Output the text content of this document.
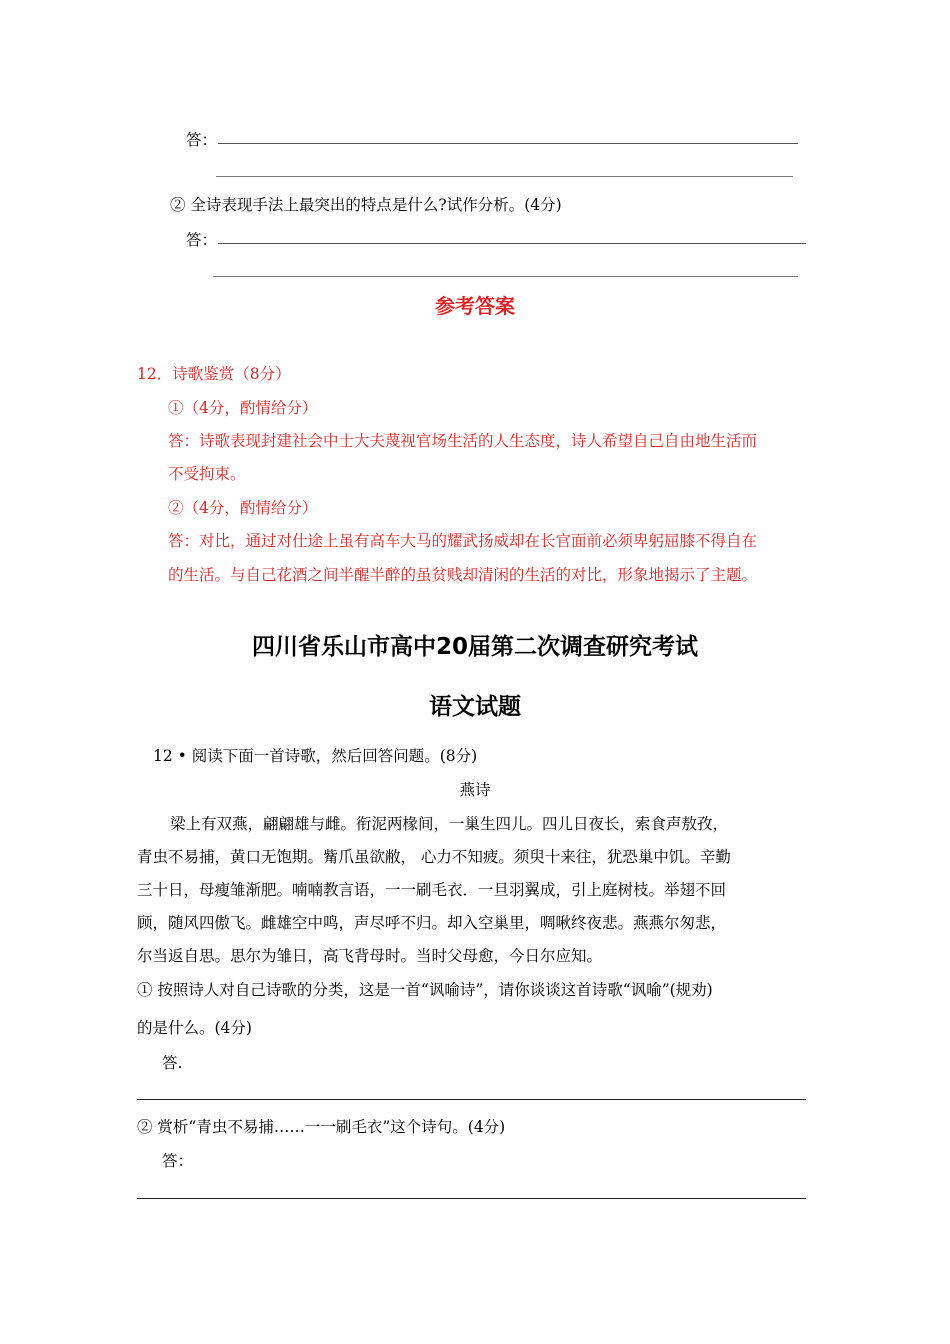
答：
② 全诗表现手法上最突出的特点是什么?试作分析。(4分)
答：
参考答案
12．诗歌鉴赏（8分）
①（4分，酌情给分）
答：诗歌表现封建社会中士大夫蔑视官场生活的人生态度，诗人希望自己自由地生活而
不受拘束。
②（4分，酌情给分）
答：对比，通过对仕途上虽有高车大马的耀武扬威却在长官面前必须卑躬屈膝不得自在
的生活。与自己花酒之间半醒半醉的虽贫贱却清闲的生活的对比，形象地揭示了主题。
四川省乐山市高中20届第二次调查研究考试
语文试题
12 • 阅读下面一首诗歌，然后回答问题。(8分)
燕诗
梁上有双燕，翩翩雄与雌。衔泥两椽间，一巢生四儿。四儿日夜长，索食声敖孜，
青虫不易捕，黄口无饱期。觜爪虽欲敝， 心力不知疲。须臾十来往，犹恐巢中饥。辛勤
三十日，母瘦雏渐肥。喃喃教言语，一一刷毛衣．一旦羽翼成，引上庭树枝。举翅不回
顾，随风四傲飞。雌雄空中鸣，声尽呼不归。却入空巢里，啁啾终夜悲。燕燕尔匆悲，
尔当返自思。思尔为雏日，高飞背母时。当时父母愈，今日尔应知。
① 按照诗人对自己诗歌的分类，这是一首“讽喻诗”，请你谈谈这首诗歌“讽喻”(规劝)
的是什么。(4分)
答.
② 赏析“青虫不易捕……一一刷毛衣”这个诗句。(4分)
答：
